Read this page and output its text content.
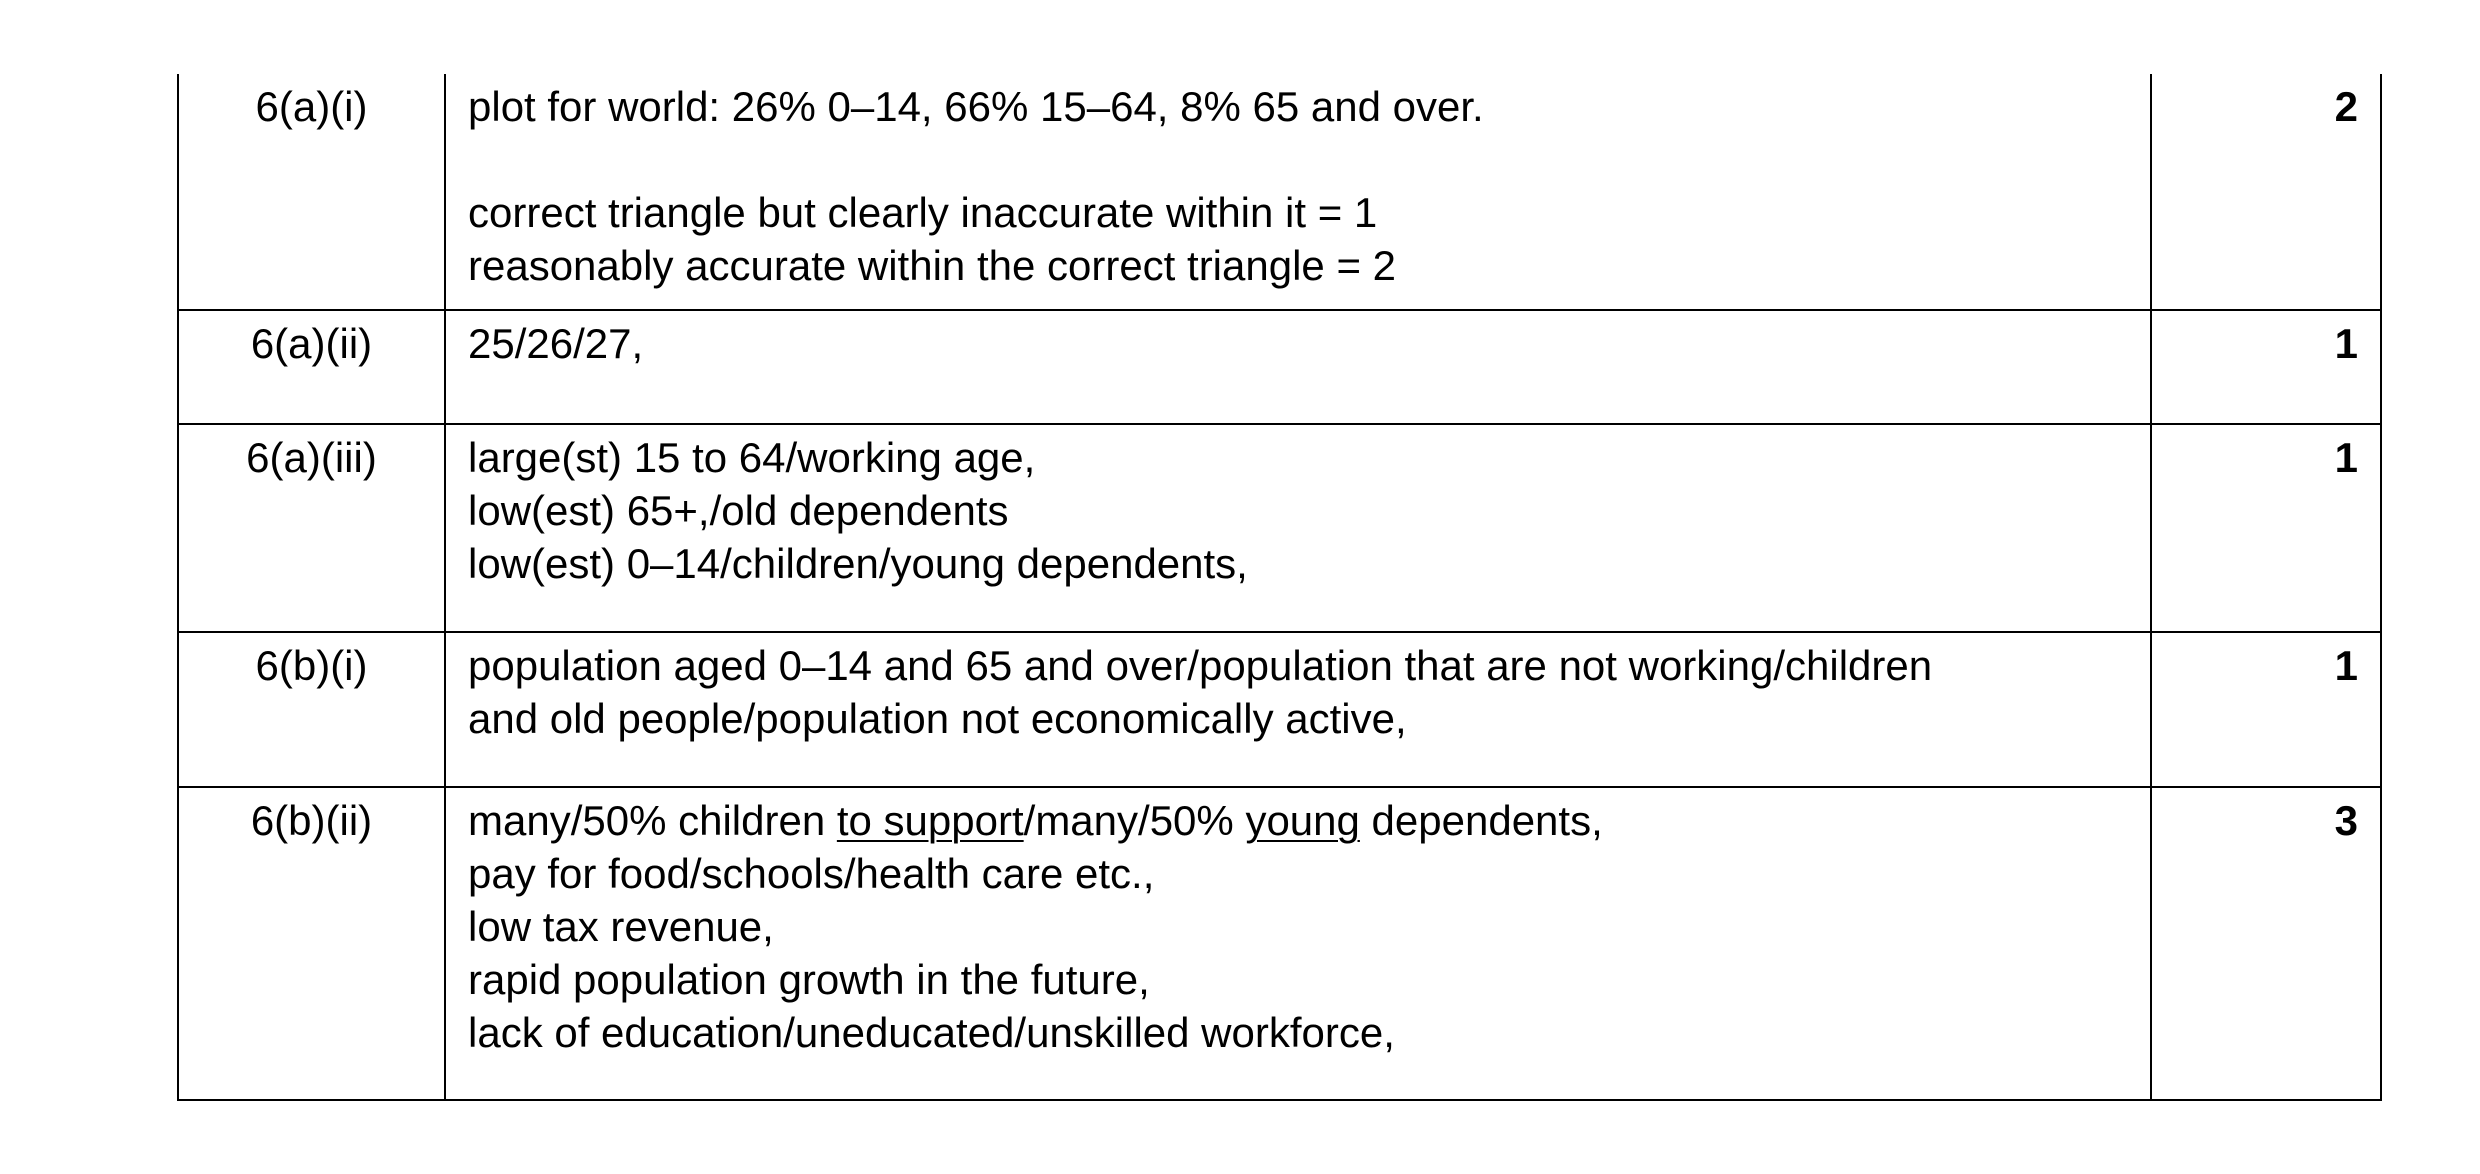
6(a)(i)	plot for world: 26% 0–14, 66% 15–64, 8% 65 and over.
correct triangle but clearly inaccurate within it = 1
reasonably accurate within the correct triangle = 2	2
6(a)(ii)	25/26/27,	1
6(a)(iii)	large(st) 15 to 64/working age,
low(est) 65+,/old dependents
low(est) 0–14/children/young dependents,	1
6(b)(i)	population aged 0–14 and 65 and over/population that are not working/children
and old people/population not economically active,	1
6(b)(ii)	many/50% children to support/many/50% young dependents,
pay for food/schools/health care etc.,
low tax revenue,
rapid population growth in the future,
lack of education/uneducated/unskilled workforce,	3
